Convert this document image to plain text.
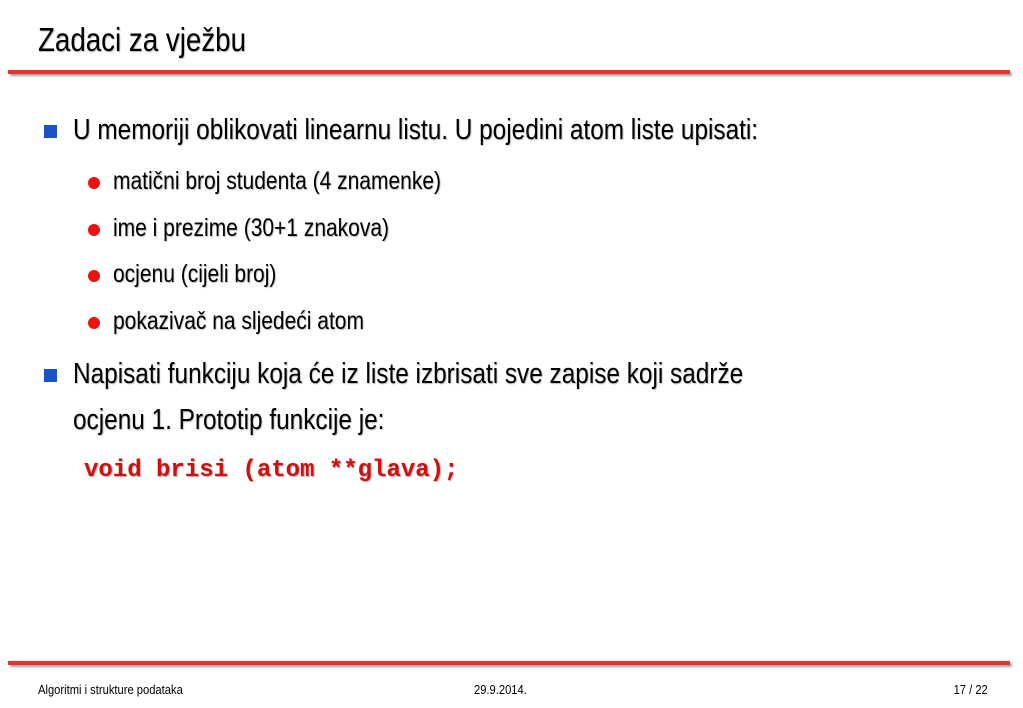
Zadaci za vježbu
U memoriji oblikovati linearnu listu. U pojedini atom liste upisati:
matični broj studenta (4 znamenke)
ime i prezime (30+1 znakova)
ocjenu (cijeli broj)
pokazivač na sljedeći atom
Napisati funkciju koja će iz liste izbrisati sve zapise koji sadrže
ocjenu 1. Prototip funkcije je:
void brisi (atom **glava);
Algoritmi i strukture podataka	29.9.2014.	17 / 22
